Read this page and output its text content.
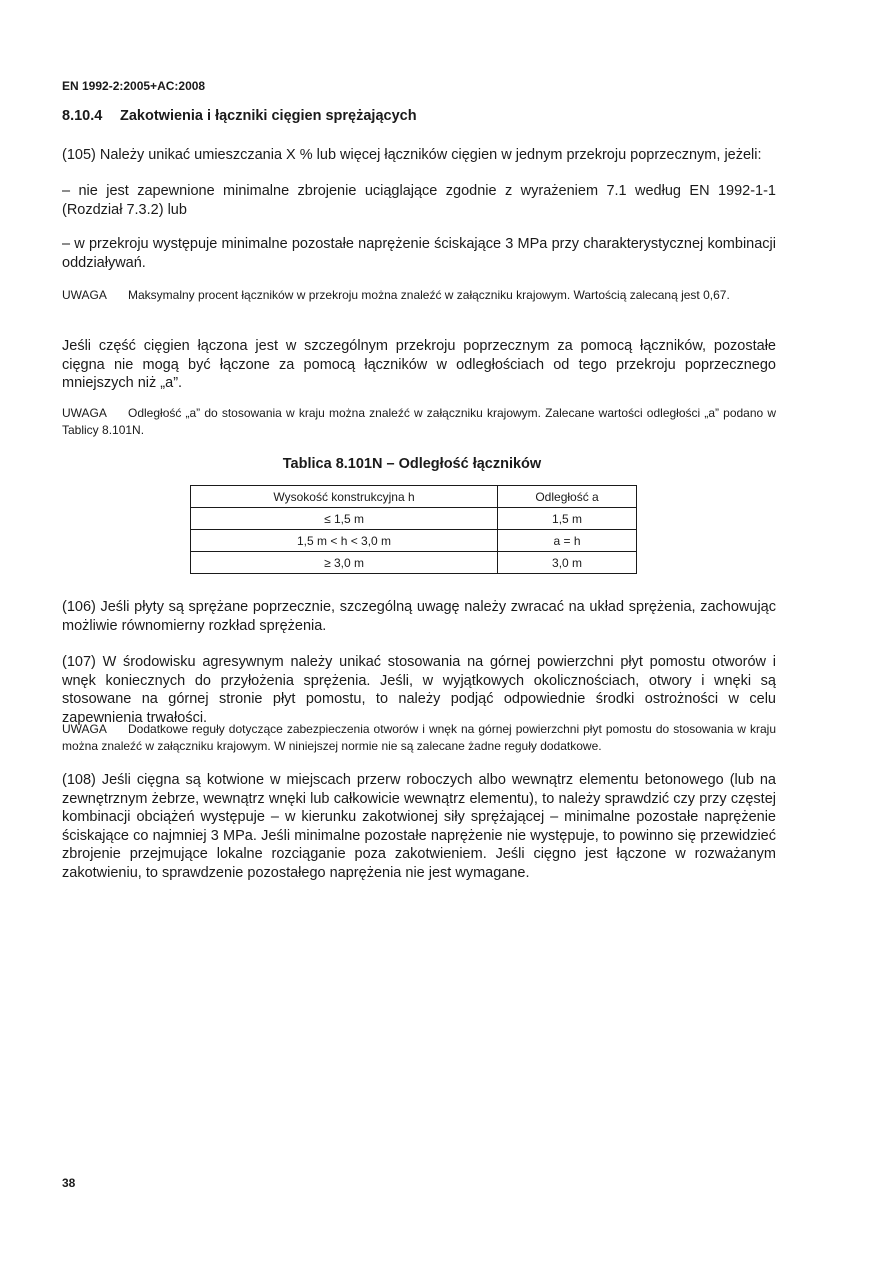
EN 1992-2:2005+AC:2008
8.10.4 Zakotwienia i łączniki cięgien sprężających

(105) Należy unikać umieszczania X % lub więcej łączników cięgien w jednym przekroju poprzecznym, jeżeli:

– nie jest zapewnione minimalne zbrojenie uciąglające zgodnie z wyrażeniem 7.1 według EN 1992-1-1 (Rozdział 7.3.2) lub

– w przekroju występuje minimalne pozostałe naprężenie ściskające 3 MPa przy charakterystycznej kombinacji oddziaływań.

UWAGA Maksymalny procent łączników w przekroju można znaleźć w załączniku krajowym. Wartością zalecaną jest 0,67.

Jeśli część cięgien łączona jest w szczególnym przekroju poprzecznym za pomocą łączników, pozostałe cięgna nie mogą być łączone za pomocą łączników w odległościach od tego przekroju poprzecznego mniejszych niż „a”.

UWAGA Odległość „a” do stosowania w kraju można znaleźć w załączniku krajowym. Zalecane wartości odległości „a” podano w Tablicy 8.101N.

Tablica 8.101N – Odległość łączników
Wysokość konstrukcyjna h	Odległość a
≤ 1,5 m	1,5 m
1,5 m < h < 3,0 m	a = h
≥ 3,0 m	3,0 m

(106) Jeśli płyty są sprężane poprzecznie, szczególną uwagę należy zwracać na układ sprężenia, zachowując możliwie równomierny rozkład sprężenia.

(107) W środowisku agresywnym należy unikać stosowania na górnej powierzchni płyt pomostu otworów i wnęk koniecznych do przyłożenia sprężenia. Jeśli, w wyjątkowych okolicznościach, otwory i wnęki są stosowane na górnej stronie płyt pomostu, to należy podjąć odpowiednie środki ostrożności w celu zapewnienia trwałości.

UWAGA Dodatkowe reguły dotyczące zabezpieczenia otworów i wnęk na górnej powierzchni płyt pomostu do stosowania w kraju można znaleźć w załączniku krajowym. W niniejszej normie nie są zalecane żadne reguły dodatkowe.

(108) Jeśli cięgna są kotwione w miejscach przerw roboczych albo wewnątrz elementu betonowego (lub na zewnętrznym żebrze, wewnątrz wnęki lub całkowicie wewnątrz elementu), to należy sprawdzić czy przy częstej kombinacji obciążeń występuje – w kierunku zakotwionej siły sprężającej – minimalne pozostałe naprężenie ściskające co najmniej 3 MPa. Jeśli minimalne pozostałe naprężenie nie występuje, to powinno się przewidzieć zbrojenie przejmujące lokalne rozciąganie poza zakotwieniem. Jeśli cięgno jest łączone w rozważanym zakotwieniu, to sprawdzenie pozostałego naprężenia nie jest wymagane.

38
